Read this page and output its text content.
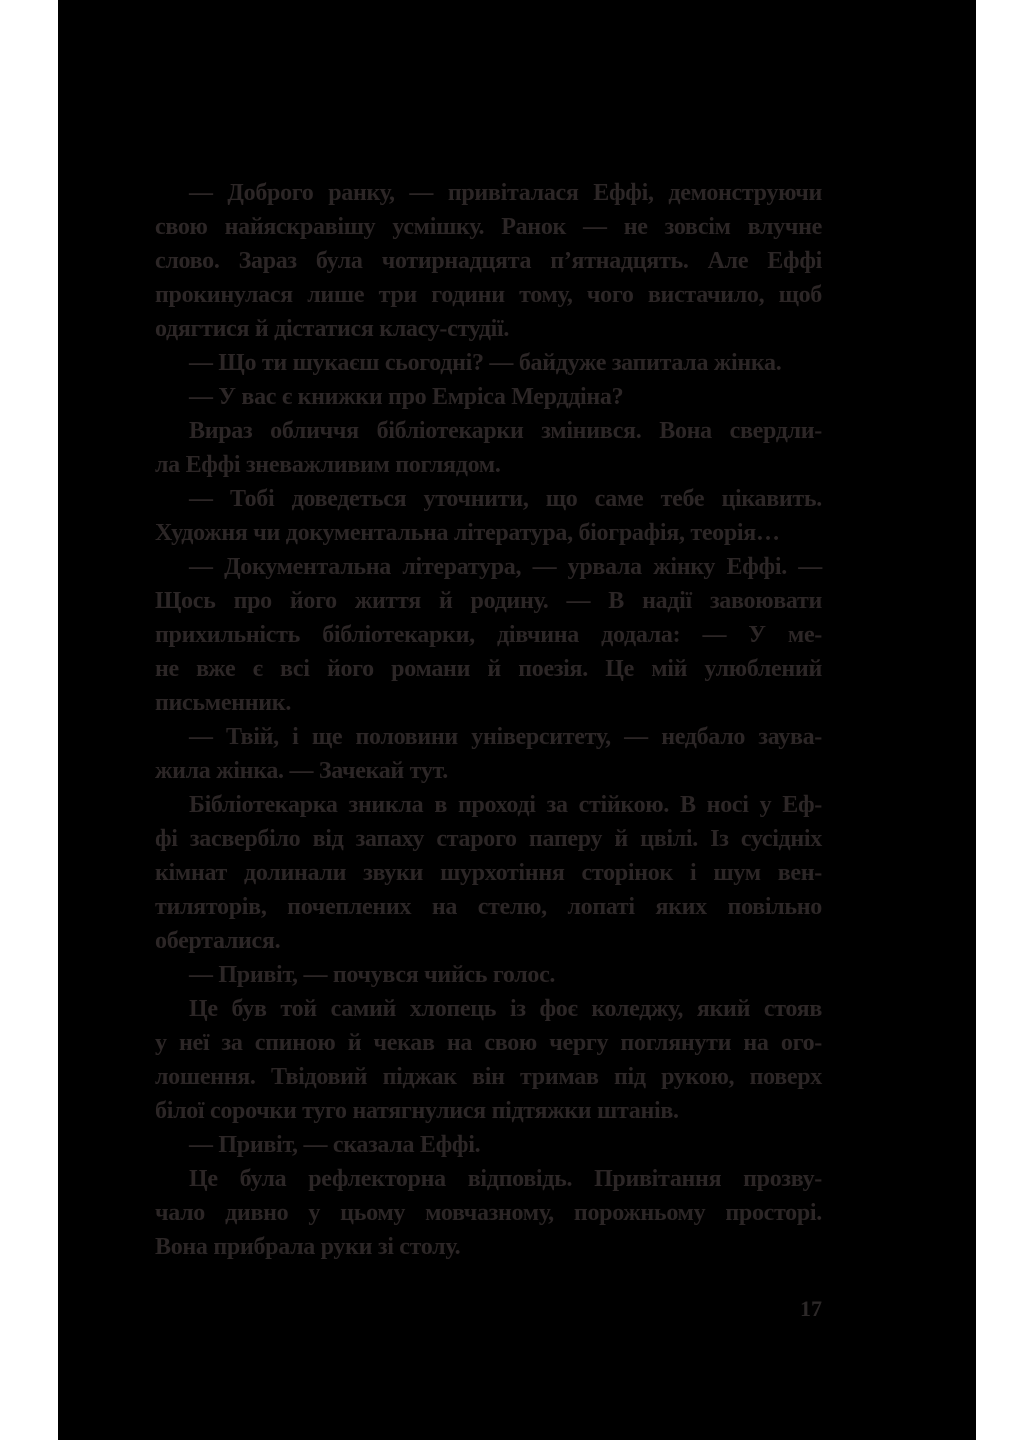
— Доброго ранку, — привіталася Еффі, демонструючи
свою найяскравішу усмішку. Ранок — не зовсім влучне
слово. Зараз була чотирнадцята п’ятнадцять. Але Еффі
прокинулася лише три години тому, чого вистачило, щоб
одягтися й дістатися класу-студії.
— Що ти шукаєш сьогодні? — байдуже запитала жінка.
— У вас є книжки про Емріса Мерддіна?
Вираз обличчя бібліотекарки змінився. Вона свердли-
ла Еффі зневажливим поглядом.
— Тобі доведеться уточнити, що саме тебе цікавить.
Художня чи документальна література, біографія, теорія…
— Документальна література, — урвала жінку Еффі. —
Щось про його життя й родину. — В надії завоювати
прихильність бібліотекарки, дівчина додала: — У ме-
не вже є всі його романи й поезія. Це мій улюблений
письменник.
— Твій, і ще половини університету, — недбало заува-
жила жінка. — Зачекай тут.
Бібліотекарка зникла в проході за стійкою. В носі у Еф-
фі засвербіло від запаху старого паперу й цвілі. Із сусідніх
кімнат долинали звуки шурхотіння сторінок і шум вен-
тиляторів, почеплених на стелю, лопаті яких повільно
оберталися.
— Привіт, — почувся чийсь голос.
Це був той самий хлопець із фоє коледжу, який стояв
у неї за спиною й чекав на свою чергу поглянути на ого-
лошення. Твідовий піджак він тримав під рукою, поверх
білої сорочки туго натягнулися підтяжки штанів.
— Привіт, — сказала Еффі.
Це була рефлекторна відповідь. Привітання прозву-
чало дивно у цьому мовчазному, порожньому просторі.
Вона прибрала руки зі столу.
17
